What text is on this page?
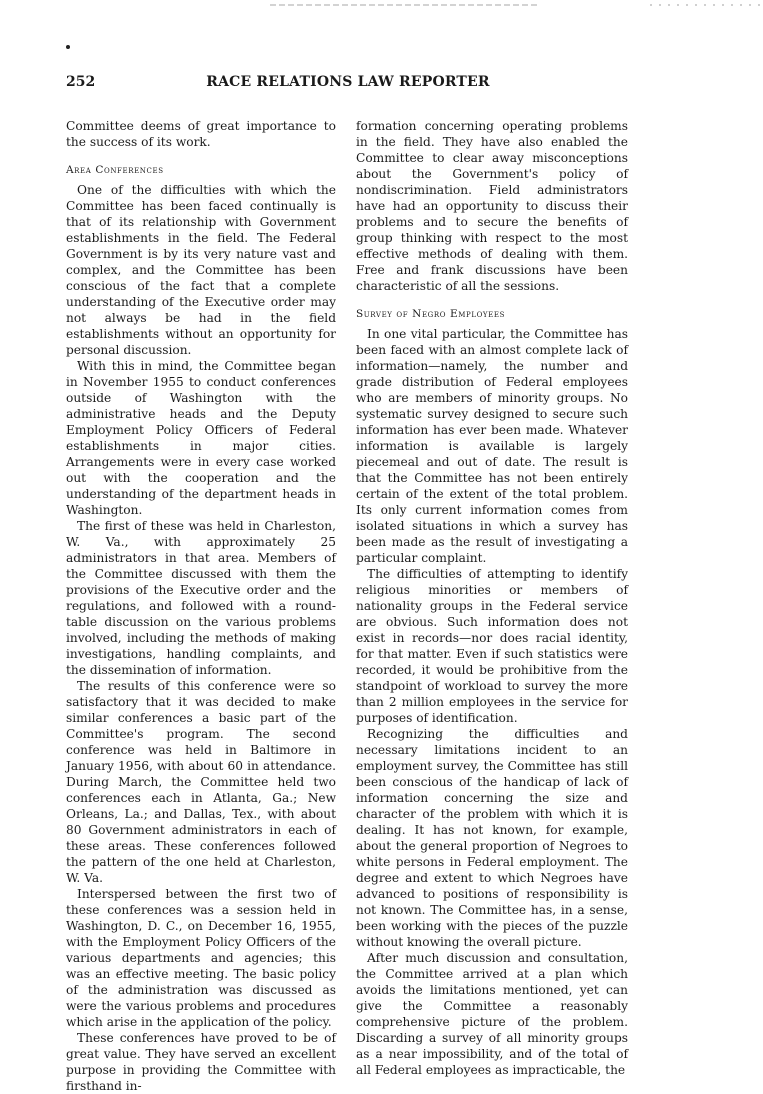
252	RACE RELATIONS LAW REPORTER

Committee deems of great importance to the success of its work.

Area Conferences

One of the difficulties with which the Committee has been faced continually is that of its relationship with Government establishments in the field. The Federal Government is by its very nature vast and complex, and the Committee has been conscious of the fact that a complete understanding of the Executive order may not always be had in the field establishments without an opportunity for personal discussion.

With this in mind, the Committee began in November 1955 to conduct conferences outside of Washington with the administrative heads and the Deputy Employment Policy Officers of Federal establishments in major cities. Arrangements were in every case worked out with the cooperation and the understanding of the department heads in Washington.

The first of these was held in Charleston, W. Va., with approximately 25 administrators in that area. Members of the Committee discussed with them the provisions of the Executive order and the regulations, and followed with a round-table discussion on the various problems involved, including the methods of making investigations, handling complaints, and the dissemination of information.

The results of this conference were so satisfactory that it was decided to make similar conferences a basic part of the Committee's program. The second conference was held in Baltimore in January 1956, with about 60 in attendance. During March, the Committee held two conferences each in Atlanta, Ga.; New Orleans, La.; and Dallas, Tex., with about 80 Government administrators in each of these areas. These conferences followed the pattern of the one held at Charleston, W. Va.

Interspersed between the first two of these conferences was a session held in Washington, D. C., on December 16, 1955, with the Employment Policy Officers of the various departments and agencies; this was an effective meeting. The basic policy of the administration was discussed as were the various problems and procedures which arise in the application of the policy.

These conferences have proved to be of great value. They have served an excellent purpose in providing the Committee with firsthand in-

formation concerning operating problems in the field. They have also enabled the Committee to clear away misconceptions about the Government's policy of nondiscrimination. Field administrators have had an opportunity to discuss their problems and to secure the benefits of group thinking with respect to the most effective methods of dealing with them. Free and frank discussions have been characteristic of all the sessions.

Survey of Negro Employees

In one vital particular, the Committee has been faced with an almost complete lack of information—namely, the number and grade distribution of Federal employees who are members of minority groups. No systematic survey designed to secure such information has ever been made. Whatever information is available is largely piecemeal and out of date. The result is that the Committee has not been entirely certain of the extent of the total problem. Its only current information comes from isolated situations in which a survey has been made as the result of investigating a particular complaint.

The difficulties of attempting to identify religious minorities or members of nationality groups in the Federal service are obvious. Such information does not exist in records—nor does racial identity, for that matter. Even if such statistics were recorded, it would be prohibitive from the standpoint of workload to survey the more than 2 million employees in the service for purposes of identification.

Recognizing the difficulties and necessary limitations incident to an employment survey, the Committee has still been conscious of the handicap of lack of information concerning the size and character of the problem with which it is dealing. It has not known, for example, about the general proportion of Negroes to white persons in Federal employment. The degree and extent to which Negroes have advanced to positions of responsibility is not known. The Committee has, in a sense, been working with the pieces of the puzzle without knowing the overall picture.

After much discussion and consultation, the Committee arrived at a plan which avoids the limitations mentioned, yet can give the Committee a reasonably comprehensive picture of the problem. Discarding a survey of all minority groups as a near impossibility, and of the total of all Federal employees as impracticable, the
